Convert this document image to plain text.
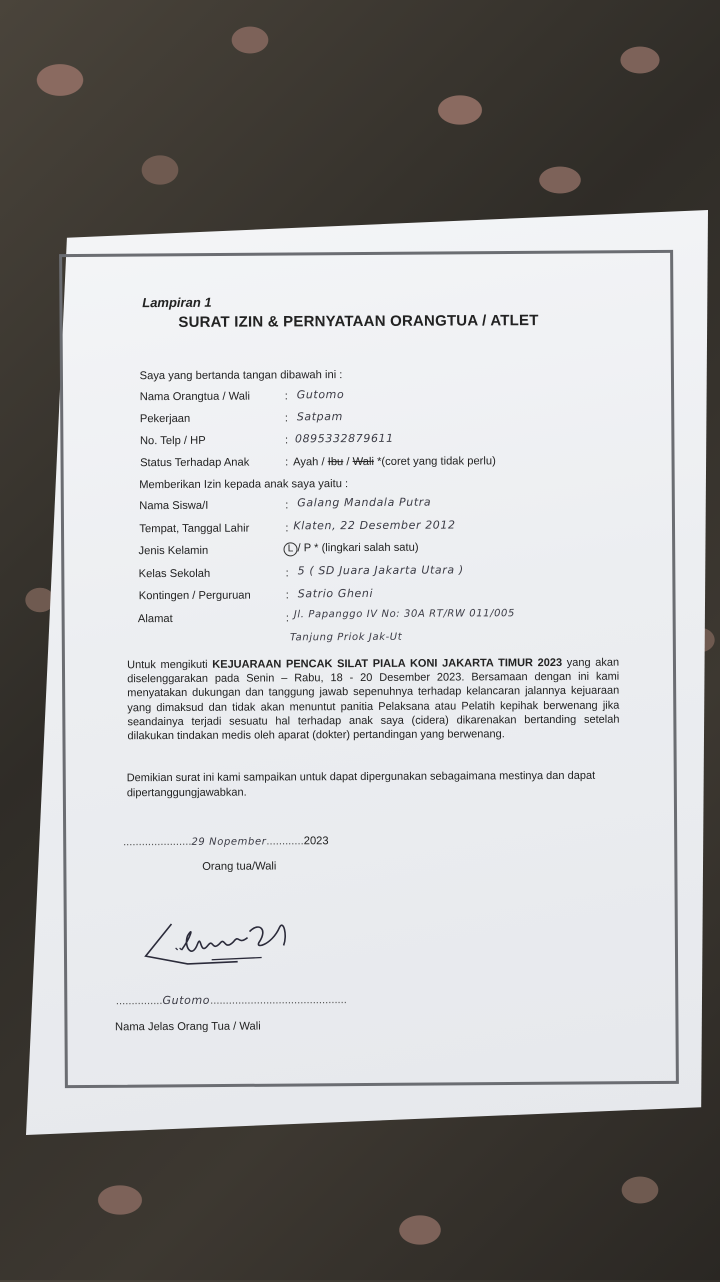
Lampiran 1
SURAT IZIN & PERNYATAAN ORANGTUA / ATLET
Saya yang bertanda tangan dibawah ini :
Nama Orangtua / Wali	: Gutomo
Pekerjaan	: Satpam
No. Telp / HP	: 0895332879611
Status Terhadap Anak	: Ayah / Ibu / Wali *(coret yang tidak perlu)
Memberikan Izin kepada anak saya yaitu :
Nama Siswa/I	: Galang Mandala Putra
Tempat, Tanggal Lahir	: Klaten, 22 Desember 2012
Jenis Kelamin	L / P * (lingkari salah satu)
Kelas Sekolah	: 5 ( SD Juara Jakarta Utara )
Kontingen / Perguruan	: Satrio Gheni
Alamat	: Jl. Papanggo IV No: 30A RT/RW 011/005
Tanjung Priok Jak-Ut
Untuk mengikuti KEJUARAAN PENCAK SILAT PIALA KONI JAKARTA TIMUR 2023 yang akan diselenggarakan pada Senin – Rabu, 18 - 20 Desember 2023. Bersamaan dengan ini kami menyatakan dukungan dan tanggung jawab sepenuhnya terhadap kelancaran jalannya kejuaraan yang dimaksud dan tidak akan menuntut panitia Pelaksana atau Pelatih kepihak berwenang jika seandainya terjadi sesuatu hal terhadap anak saya (cidera) dikarenakan bertanding setelah dilakukan tindakan medis oleh aparat (dokter) pertandingan yang berwenang.
Demikian surat ini kami sampaikan untuk dapat dipergunakan sebagaimana mestinya dan dapat dipertanggungjawabkan.
......................29 Nopember............2023
Orang tua/Wali
...............Gutomo............................................
Nama Jelas Orang Tua / Wali
